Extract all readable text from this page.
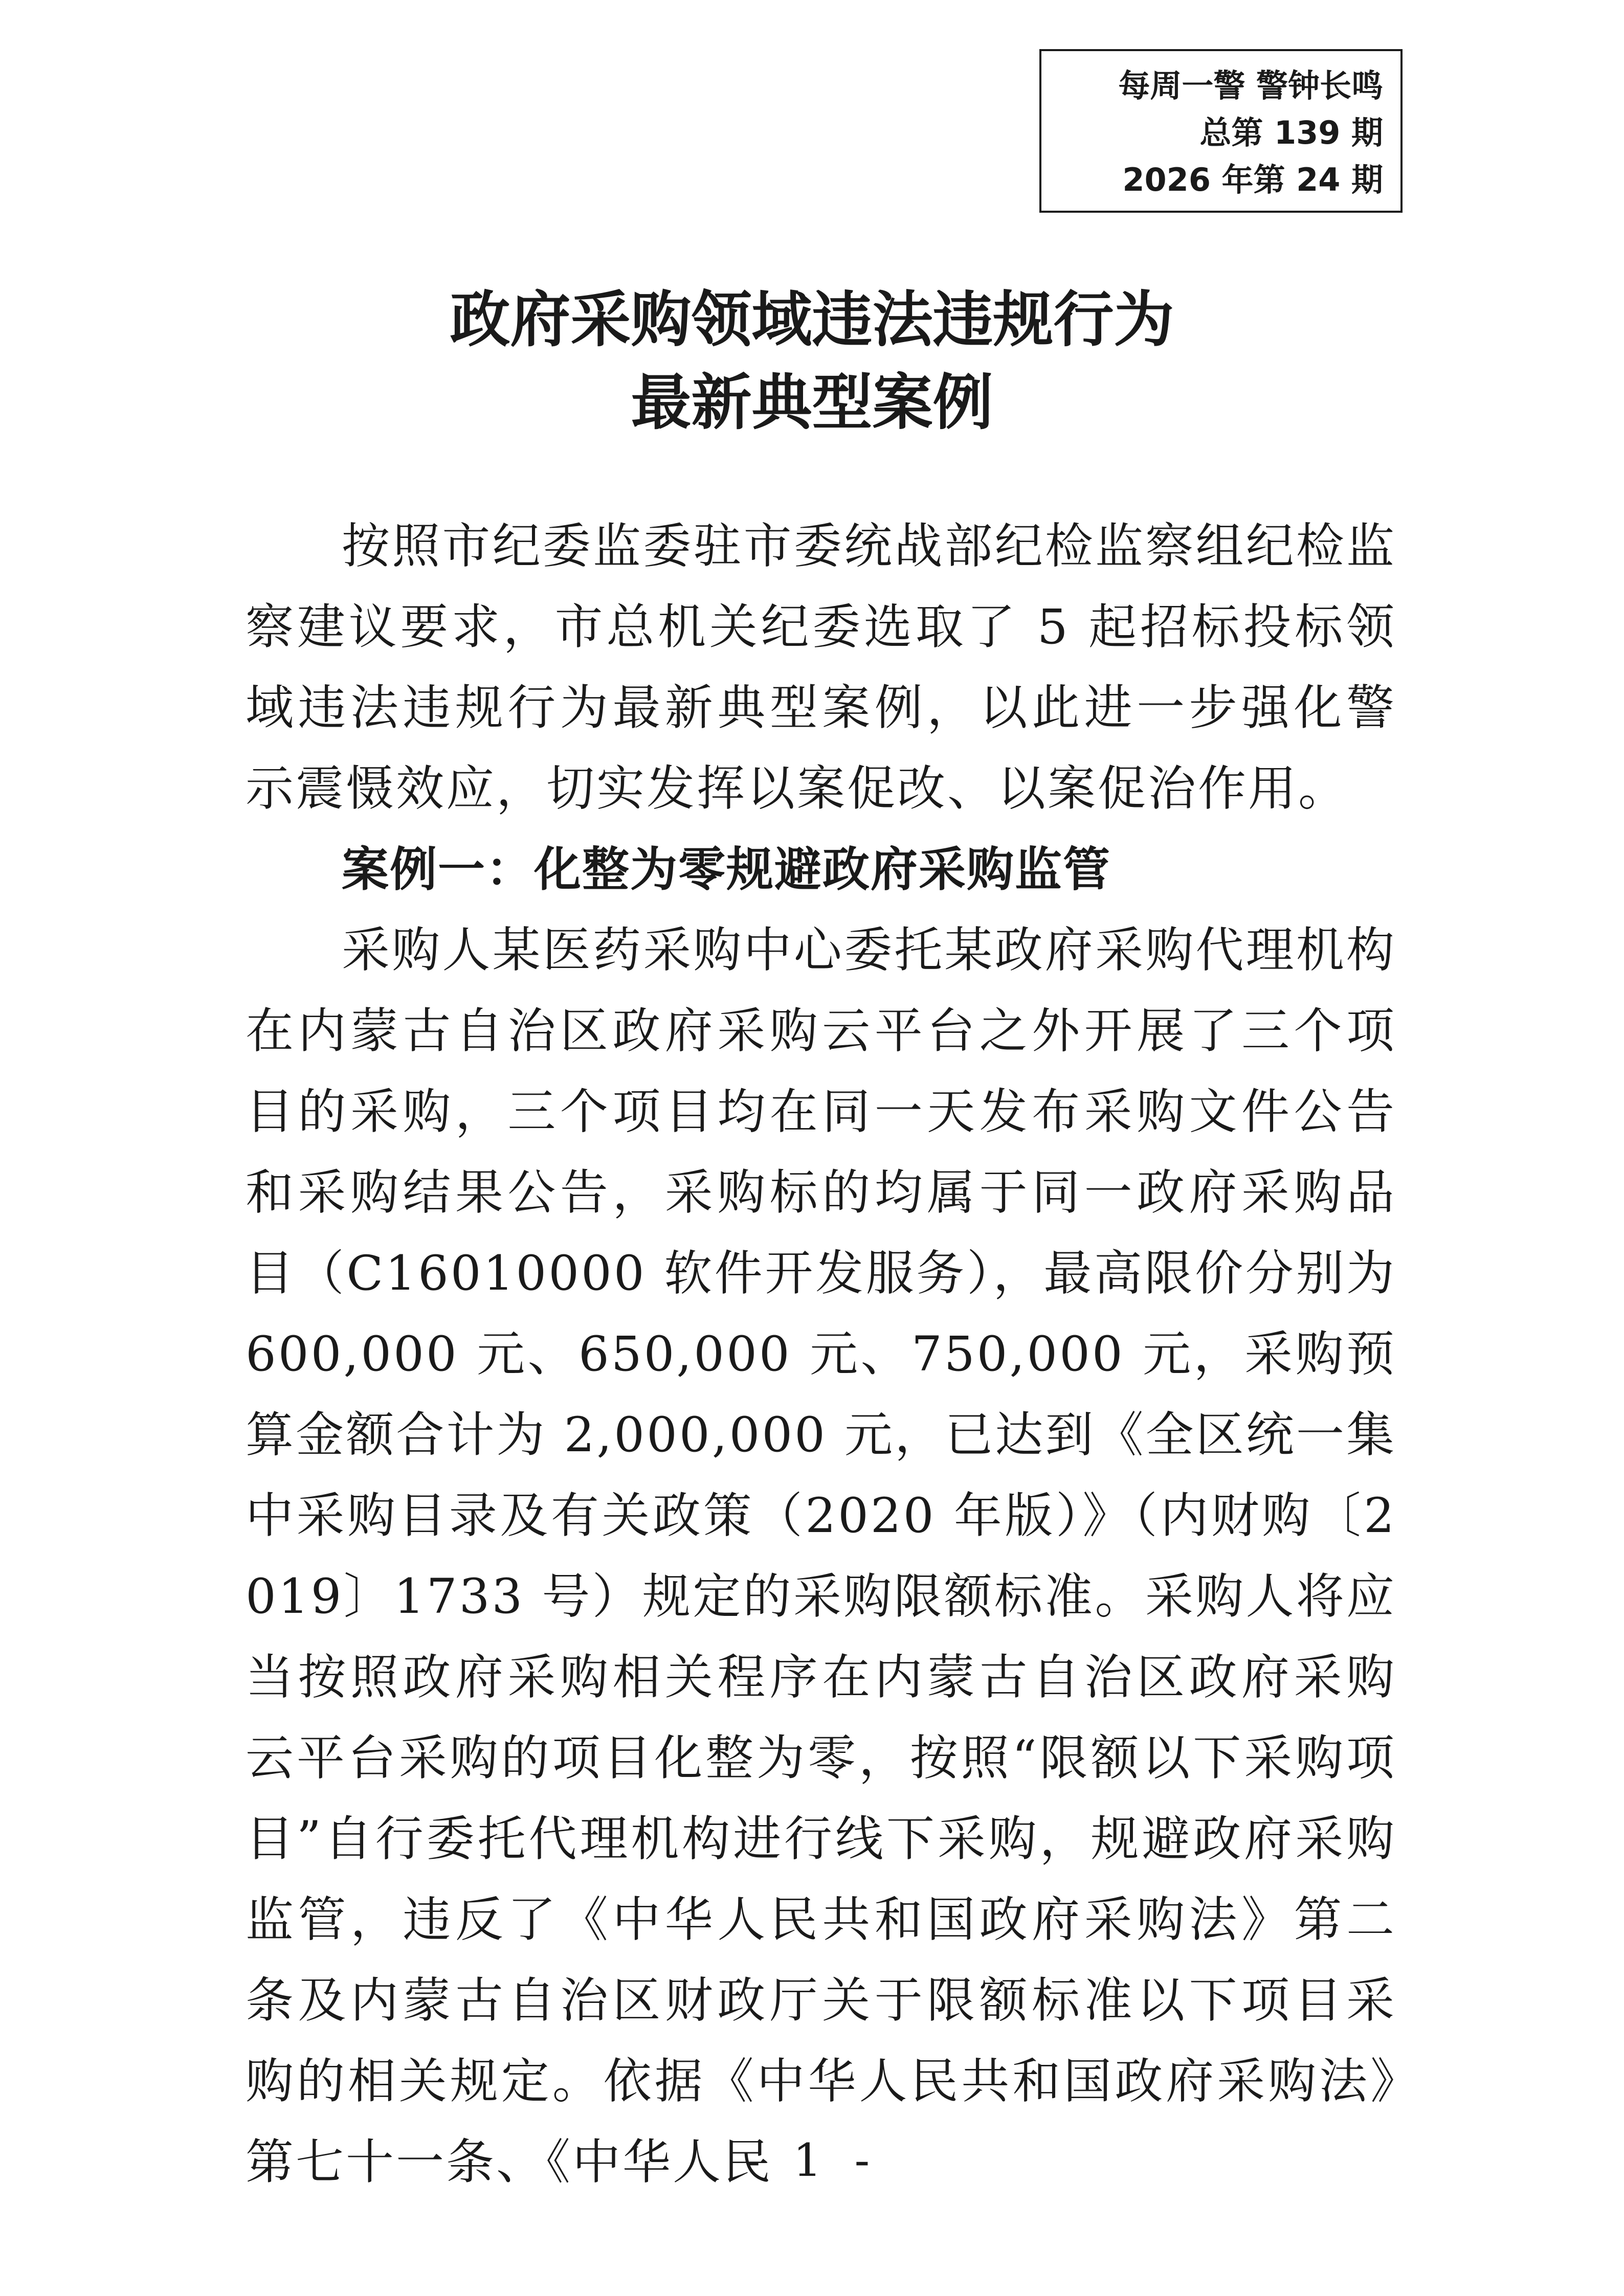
每周一警 警钟长鸣
总第 139 期
2026 年第 24 期
政府采购领域违法违规行为
最新典型案例

按照市纪委监委驻市委统战部纪检监察组纪检监察建议要求，市总机关纪委选取了 5 起招标投标领域违法违规行为最新典型案例，以此进一步强化警示震慑效应，切实发挥以案促改、以案促治作用。

案例一：化整为零规避政府采购监管

采购人某医药采购中心委托某政府采购代理机构在内蒙古自治区政府采购云平台之外开展了三个项目的采购，三个项目均在同一天发布采购文件公告和采购结果公告，采购标的均属于同一政府采购品目（C16010000 软件开发服务），最高限价分别为 600,000 元、650,000 元、750,000 元，采购预算金额合计为 2,000,000 元，已达到《全区统一集中采购目录及有关政策（2020 年版）》（内财购〔2019〕1733 号）规定的采购限额标准。采购人将应当按照政府采购相关程序在内蒙古自治区政府采购云平台采购的项目化整为零，按照“限额以下采购项目”自行委托代理机构进行线下采购，规避政府采购监管，违反了《中华人民共和国政府采购法》第二条及内蒙古自治区财政厅关于限额标准以下项目采购的相关规定。依据《中华人民共和国政府采购法》第七十一条、《中华人民

- 1 -
